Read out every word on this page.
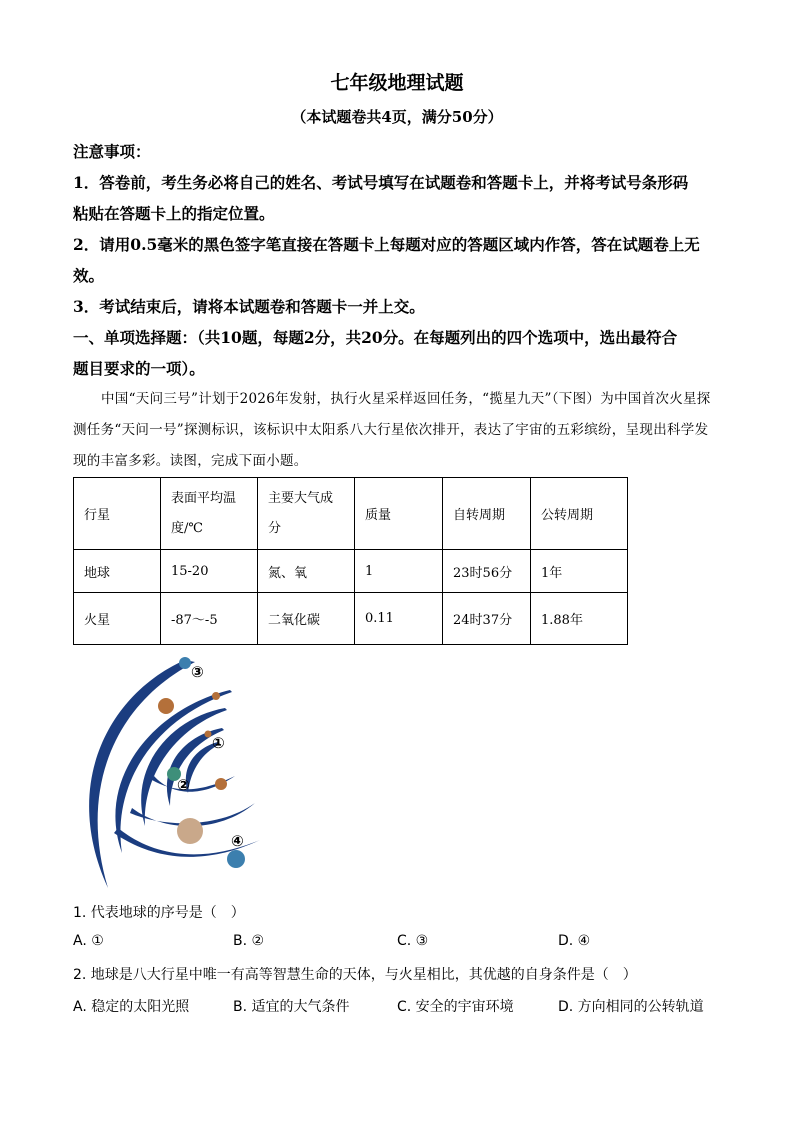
七年级地理试题
（本试题卷共4页，满分50分）
注意事项：
1．答卷前，考生务必将自己的姓名、考试号填写在试题卷和答题卡上，并将考试号条形码
粘贴在答题卡上的指定位置。
2．请用0.5毫米的黑色签字笔直接在答题卡上每题对应的答题区域内作答，答在试题卷上无
效。
3．考试结束后，请将本试题卷和答题卡一并上交。
一、单项选择题：（共10题，每题2分，共20分。在每题列出的四个选项中，选出最符合
题目要求的一项）。
中国“天问三号”计划于2026年发射，执行火星采样返回任务，“揽星九天”（下图）为中国首次火星探测任务“天问一号”探测标识，该标识中太阳系八大行星依次排开，表达了宇宙的五彩缤纷，呈现出科学发现的丰富多彩。读图，完成下面小题。
行星	表面平均温度/℃	主要大气成分	质量	自转周期	公转周期
地球	15-20	氮、氧	1	23时56分	1年
火星	-87～-5	二氧化碳	0.11	24时37分	1.88年
③
①
②
④
1. 代表地球的序号是（　）
A. ①	B. ②	C. ③	D. ④
2. 地球是八大行星中唯一有高等智慧生命的天体，与火星相比，其优越的自身条件是（　）
A. 稳定的太阳光照	B. 适宜的大气条件	C. 安全的宇宙环境	D. 方向相同的公转轨道
